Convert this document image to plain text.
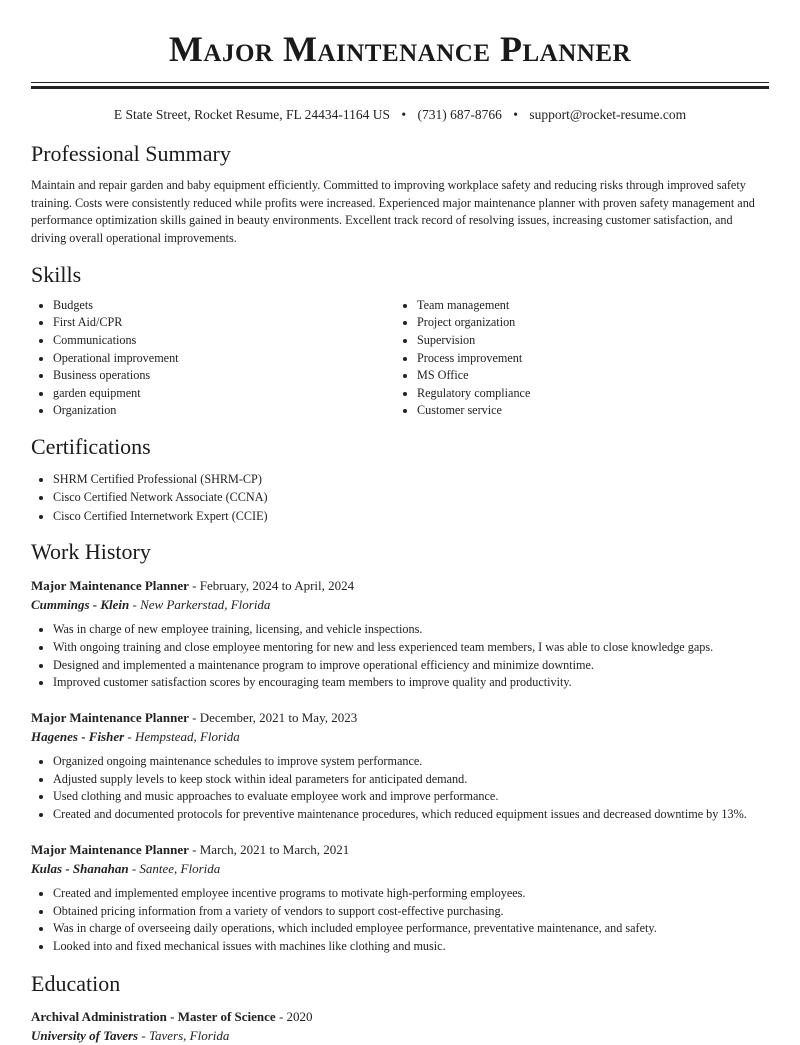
Major Maintenance Planner
E State Street, Rocket Resume, FL 24434-1164 US • (731) 687-8766 • support@rocket-resume.com
Professional Summary

Maintain and repair garden and baby equipment efficiently. Committed to improving workplace safety and reducing risks through improved safety training. Costs were consistently reduced while profits were increased. Experienced major maintenance planner with proven safety management and performance optimization skills gained in beauty environments. Excellent track record of resolving issues, increasing customer satisfaction, and driving overall operational improvements.

Skills
• Budgets
• First Aid/CPR
• Communications
• Operational improvement
• Business operations
• garden equipment
• Organization
• Team management
• Project organization
• Supervision
• Process improvement
• MS Office
• Regulatory compliance
• Customer service
Certifications
• SHRM Certified Professional (SHRM-CP)
• Cisco Certified Network Associate (CCNA)
• Cisco Certified Internetwork Expert (CCIE)
Work History
Major Maintenance Planner - February, 2024 to April, 2024
Cummings - Klein - New Parkerstad, Florida
• Was in charge of new employee training, licensing, and vehicle inspections.
• With ongoing training and close employee mentoring for new and less experienced team members, I was able to close knowledge gaps.
• Designed and implemented a maintenance program to improve operational efficiency and minimize downtime.
• Improved customer satisfaction scores by encouraging team members to improve quality and productivity.
Major Maintenance Planner - December, 2021 to May, 2023
Hagenes - Fisher - Hempstead, Florida
• Organized ongoing maintenance schedules to improve system performance.
• Adjusted supply levels to keep stock within ideal parameters for anticipated demand.
• Used clothing and music approaches to evaluate employee work and improve performance.
• Created and documented protocols for preventive maintenance procedures, which reduced equipment issues and decreased downtime by 13%.
Major Maintenance Planner - March, 2021 to March, 2021
Kulas - Shanahan - Santee, Florida
• Created and implemented employee incentive programs to motivate high-performing employees.
• Obtained pricing information from a variety of vendors to support cost-effective purchasing.
• Was in charge of overseeing daily operations, which included employee performance, preventative maintenance, and safety.
• Looked into and fixed mechanical issues with machines like clothing and music.
Education
Archival Administration - Master of Science - 2020
University of Tavers - Tavers, Florida
